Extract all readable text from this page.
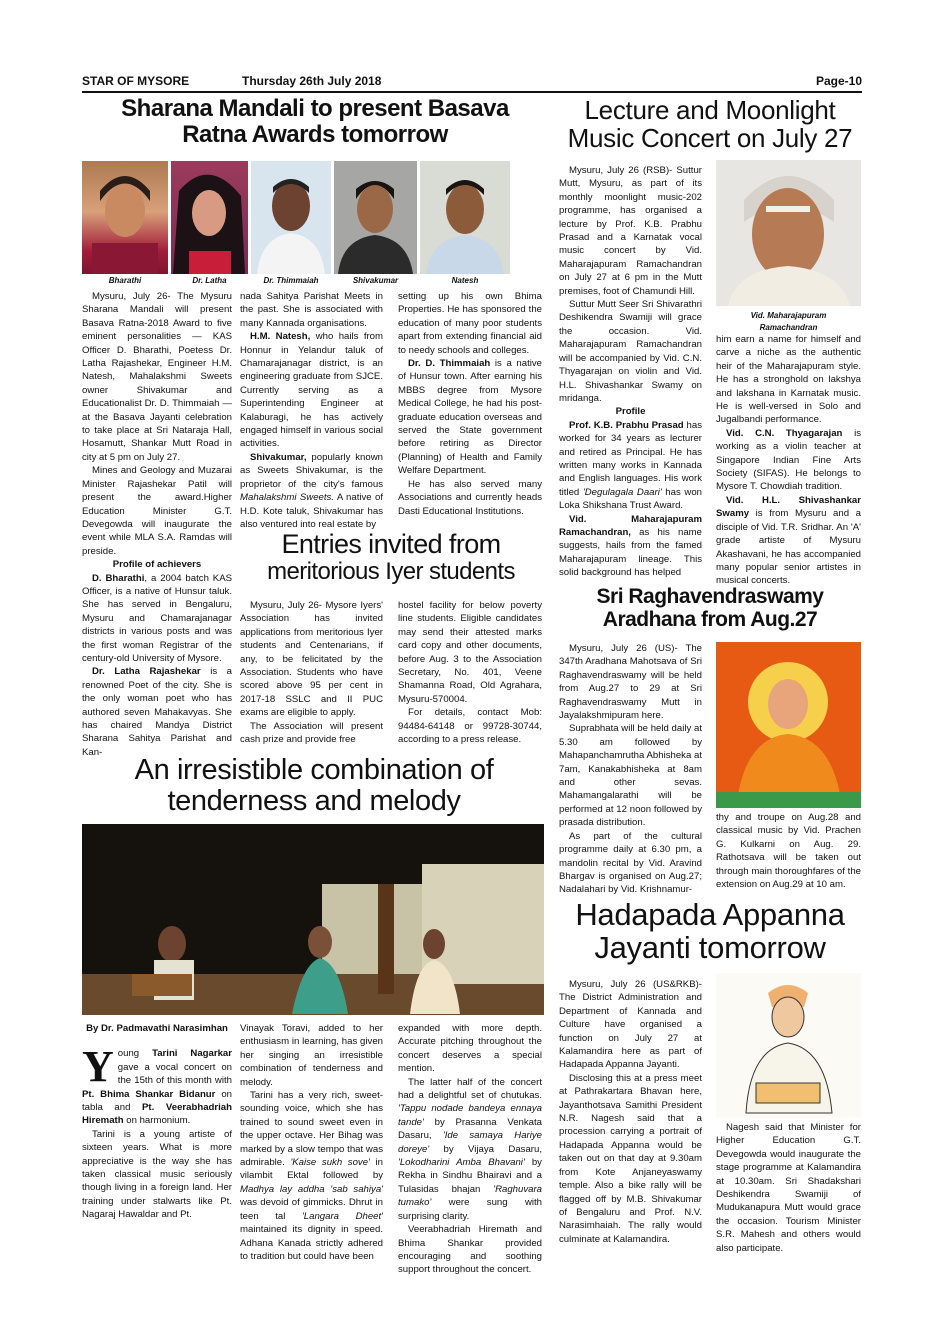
STAR OF MYSORE	Thursday 26th July 2018	Page-10

Sharana Mandali to present Basava

Ratna Awards tomorrow

Bharathi	Dr. Latha	Dr. Thimmaiah	Shivakumar	Natesh

Mysuru, July 26- The Mysuru Sharana Mandali will present Basava Ratna-2018 Award to five eminent personalities — KAS Officer D. Bharathi, Poetess Dr. Latha Rajashekar, Engineer H.M. Natesh, Mahalakshmi Sweets owner Shivakumar and Educationalist Dr. D. Thimmaiah — at the Basava Jayanti celebration to take place at Sri Nataraja Hall, Hosamutt, Shankar Mutt Road in city at 5 pm on July 27.

Mines and Geology and Muzarai Minister Rajashekar Patil will present the award.Higher Education Minister G.T. Devegowda will inaugurate the event while MLA S.A. Ramdas will preside.

Profile of achievers

D. Bharathi, a 2004 batch KAS Officer, is a native of Hunsur taluk. She has served in Bengaluru, Mysuru and Chamarajanagar districts in various posts and was the first woman Registrar of the century-old University of Mysore.

Dr. Latha Rajashekar is a renowned Poet of the city. She is the only woman poet who has authored seven Mahakavyas. She has chaired Mandya District Sharana Sahitya Parishat and Kan-

nada Sahitya Parishat Meets in the past. She is associated with many Kannada organisations.

H.M. Natesh, who hails from Honnur in Yelandur taluk of Chamarajanagar district, is an engineering graduate from SJCE. Currently serving as a Superintending Engineer at Kalaburagi, he has actively engaged himself in various social activities.

Shivakumar, popularly known as Sweets Shivakumar, is the proprietor of the city's famous Mahalakshmi Sweets. A native of H.D. Kote taluk, Shivakumar has also ventured into real estate by

setting up his own Bhima Properties. He has sponsored the education of many poor students apart from extending financial aid to needy schools and colleges.

Dr. D. Thimmaiah is a native of Hunsur town. After earning his MBBS degree from Mysore Medical College, he had his post-graduate education overseas and served the State government before retiring as Director (Planning) of Health and Family Welfare Department.

He has also served many Associations and currently heads Dasti Educational Institutions.

Entries invited from

meritorious Iyer students

Mysuru, July 26- Mysore Iyers' Association has invited applications from meritorious Iyer students and Centenarians, if any, to be felicitated by the Association. Students who have scored above 95 per cent in 2017-18 SSLC and II PUC exams are eligible to apply.

The Association will present cash prize and provide free

hostel facility for below poverty line students. Eligible candidates may send their attested marks card copy and other documents, before Aug. 3 to the Association Secretary, No. 401, Veene Shamanna Road, Old Agrahara, Mysuru-570004.

For details, contact Mob: 94484-64148 or 99728-30744, according to a press release.

An irresistible combination of

tenderness and melody

By Dr. Padmavathi Narasimhan

Young Tarini Nagarkar gave a vocal concert on the 15th of this month with Pt. Bhima Shankar Bidanur on tabla and Pt. Veerabhadriah Hiremath on harmonium.

Tarini is a young artiste of sixteen years. What is more appreciative is the way she has taken classical music seriously though living in a foreign land. Her training under stalwarts like Pt. Nagaraj Hawaldar and Pt.

Vinayak Toravi, added to her enthusiasm in learning, has given her singing an irresistible combination of tenderness and melody.

Tarini has a very rich, sweet-sounding voice, which she has trained to sound sweet even in the upper octave. Her Bihag was marked by a slow tempo that was admirable. 'Kaise sukh sove' in vilambit Ektal followed by Madhya lay addha 'sab sahiya' was devoid of gimmicks. Dhrut in teen tal 'Langara Dheet' maintained its dignity in speed. Adhana Kanada strictly adhered to tradition but could have been

expanded with more depth. Accurate pitching throughout the concert deserves a special mention.

The latter half of the concert had a delightful set of chutukas. 'Tappu nodade bandeya ennaya tande' by Prasanna Venkata Dasaru, 'Ide samaya Hariye doreye' by Vijaya Dasaru, 'Lokodharini Amba Bhavani' by Rekha in Sindhu Bhairavi and a Tulasidas bhajan 'Raghuvara tumako' were sung with surprising clarity.

Veerabhadriah Hiremath and Bhima Shankar provided encouraging and soothing support throughout the concert.

Lecture and Moonlight

Music Concert on July 27

Vid. Maharajapuram
Ramachandran

Mysuru, July 26 (RSB)- Suttur Mutt, Mysuru, as part of its monthly moonlight music-202 programme, has organised a lecture by Prof. K.B. Prabhu Prasad and a Karnatak vocal music concert by Vid. Maharajapuram Ramachandran on July 27 at 6 pm in the Mutt premises, foot of Chamundi Hill.

Suttur Mutt Seer Sri Shivarathri Deshikendra Swamiji will grace the occasion. Vid. Maharajapuram Ramachandran will be accompanied by Vid. C.N. Thyagarajan on violin and Vid. H.L. Shivashankar Swamy on mridanga.

Profile

Prof. K.B. Prabhu Prasad has worked for 34 years as lecturer and retired as Principal. He has written many works in Kannada and English languages. His work titled 'Degulagala Daari' has won Loka Shikshana Trust Award.

Vid. Maharajapuram Ramachandran, as his name suggests, hails from the famed Maharajapuram lineage. This solid background has helped

him earn a name for himself and carve a niche as the authentic heir of the Maharajapuram style. He has a stronghold on lakshya and lakshana in Karnatak music. He is well-versed in Solo and Jugalbandi performance.

Vid. C.N. Thyagarajan is working as a violin teacher at Singapore Indian Fine Arts Society (SIFAS). He belongs to Mysore T. Chowdiah tradition.

Vid. H.L. Shivashankar Swamy is from Mysuru and a disciple of Vid. T.R. Sridhar. An 'A' grade artiste of Mysuru Akashavani, he has accompanied many popular senior artistes in musical concerts.

Sri Raghavendraswamy

Aradhana from Aug.27

Mysuru, July 26 (US)- The 347th Aradhana Mahotsava of Sri Raghavendraswamy will be held from Aug.27 to 29 at Sri Raghavendraswamy Mutt in Jayalakshmipuram here.

Suprabhata will be held daily at 5.30 am followed by Mahapanchamrutha Abhisheka at 7am, Kanakabhisheka at 8am and other sevas. Mahamangalarathi will be performed at 12 noon followed by prasada distribution.

As part of the cultural programme daily at 6.30 pm, a mandolin recital by Vid. Aravind Bhargav is organised on Aug.27; Nadalahari by Vid. Krishnamur-

thy and troupe on Aug.28 and classical music by Vid. Prachen G. Kulkarni on Aug. 29. Rathotsava will be taken out through main thoroughfares of the extension on Aug.29 at 10 am.

Hadapada Appanna

Jayanti tomorrow

Mysuru, July 26 (US&RKB)- The District Administration and Department of Kannada and Culture have organised a function on July 27 at Kalamandira here as part of Hadapada Appanna Jayanti.

Disclosing this at a press meet at Pathrakartara Bhavan here, Jayanthotsava Samithi President N.R. Nagesh said that a procession carrying a portrait of Hadapada Appanna would be taken out on that day at 9.30am from Kote Anjaneyaswamy temple. Also a bike rally will be flagged off by M.B. Shivakumar of Bengaluru and Prof. N.V. Narasimhaiah. The rally would culminate at Kalamandira.

Nagesh said that Minister for Higher Education G.T. Devegowda would inaugurate the stage programme at Kalamandira at 10.30am. Sri Shadakshari Deshikendra Swamiji of Mudukanapura Mutt would grace the occasion. Tourism Minister S.R. Mahesh and others would also participate.
